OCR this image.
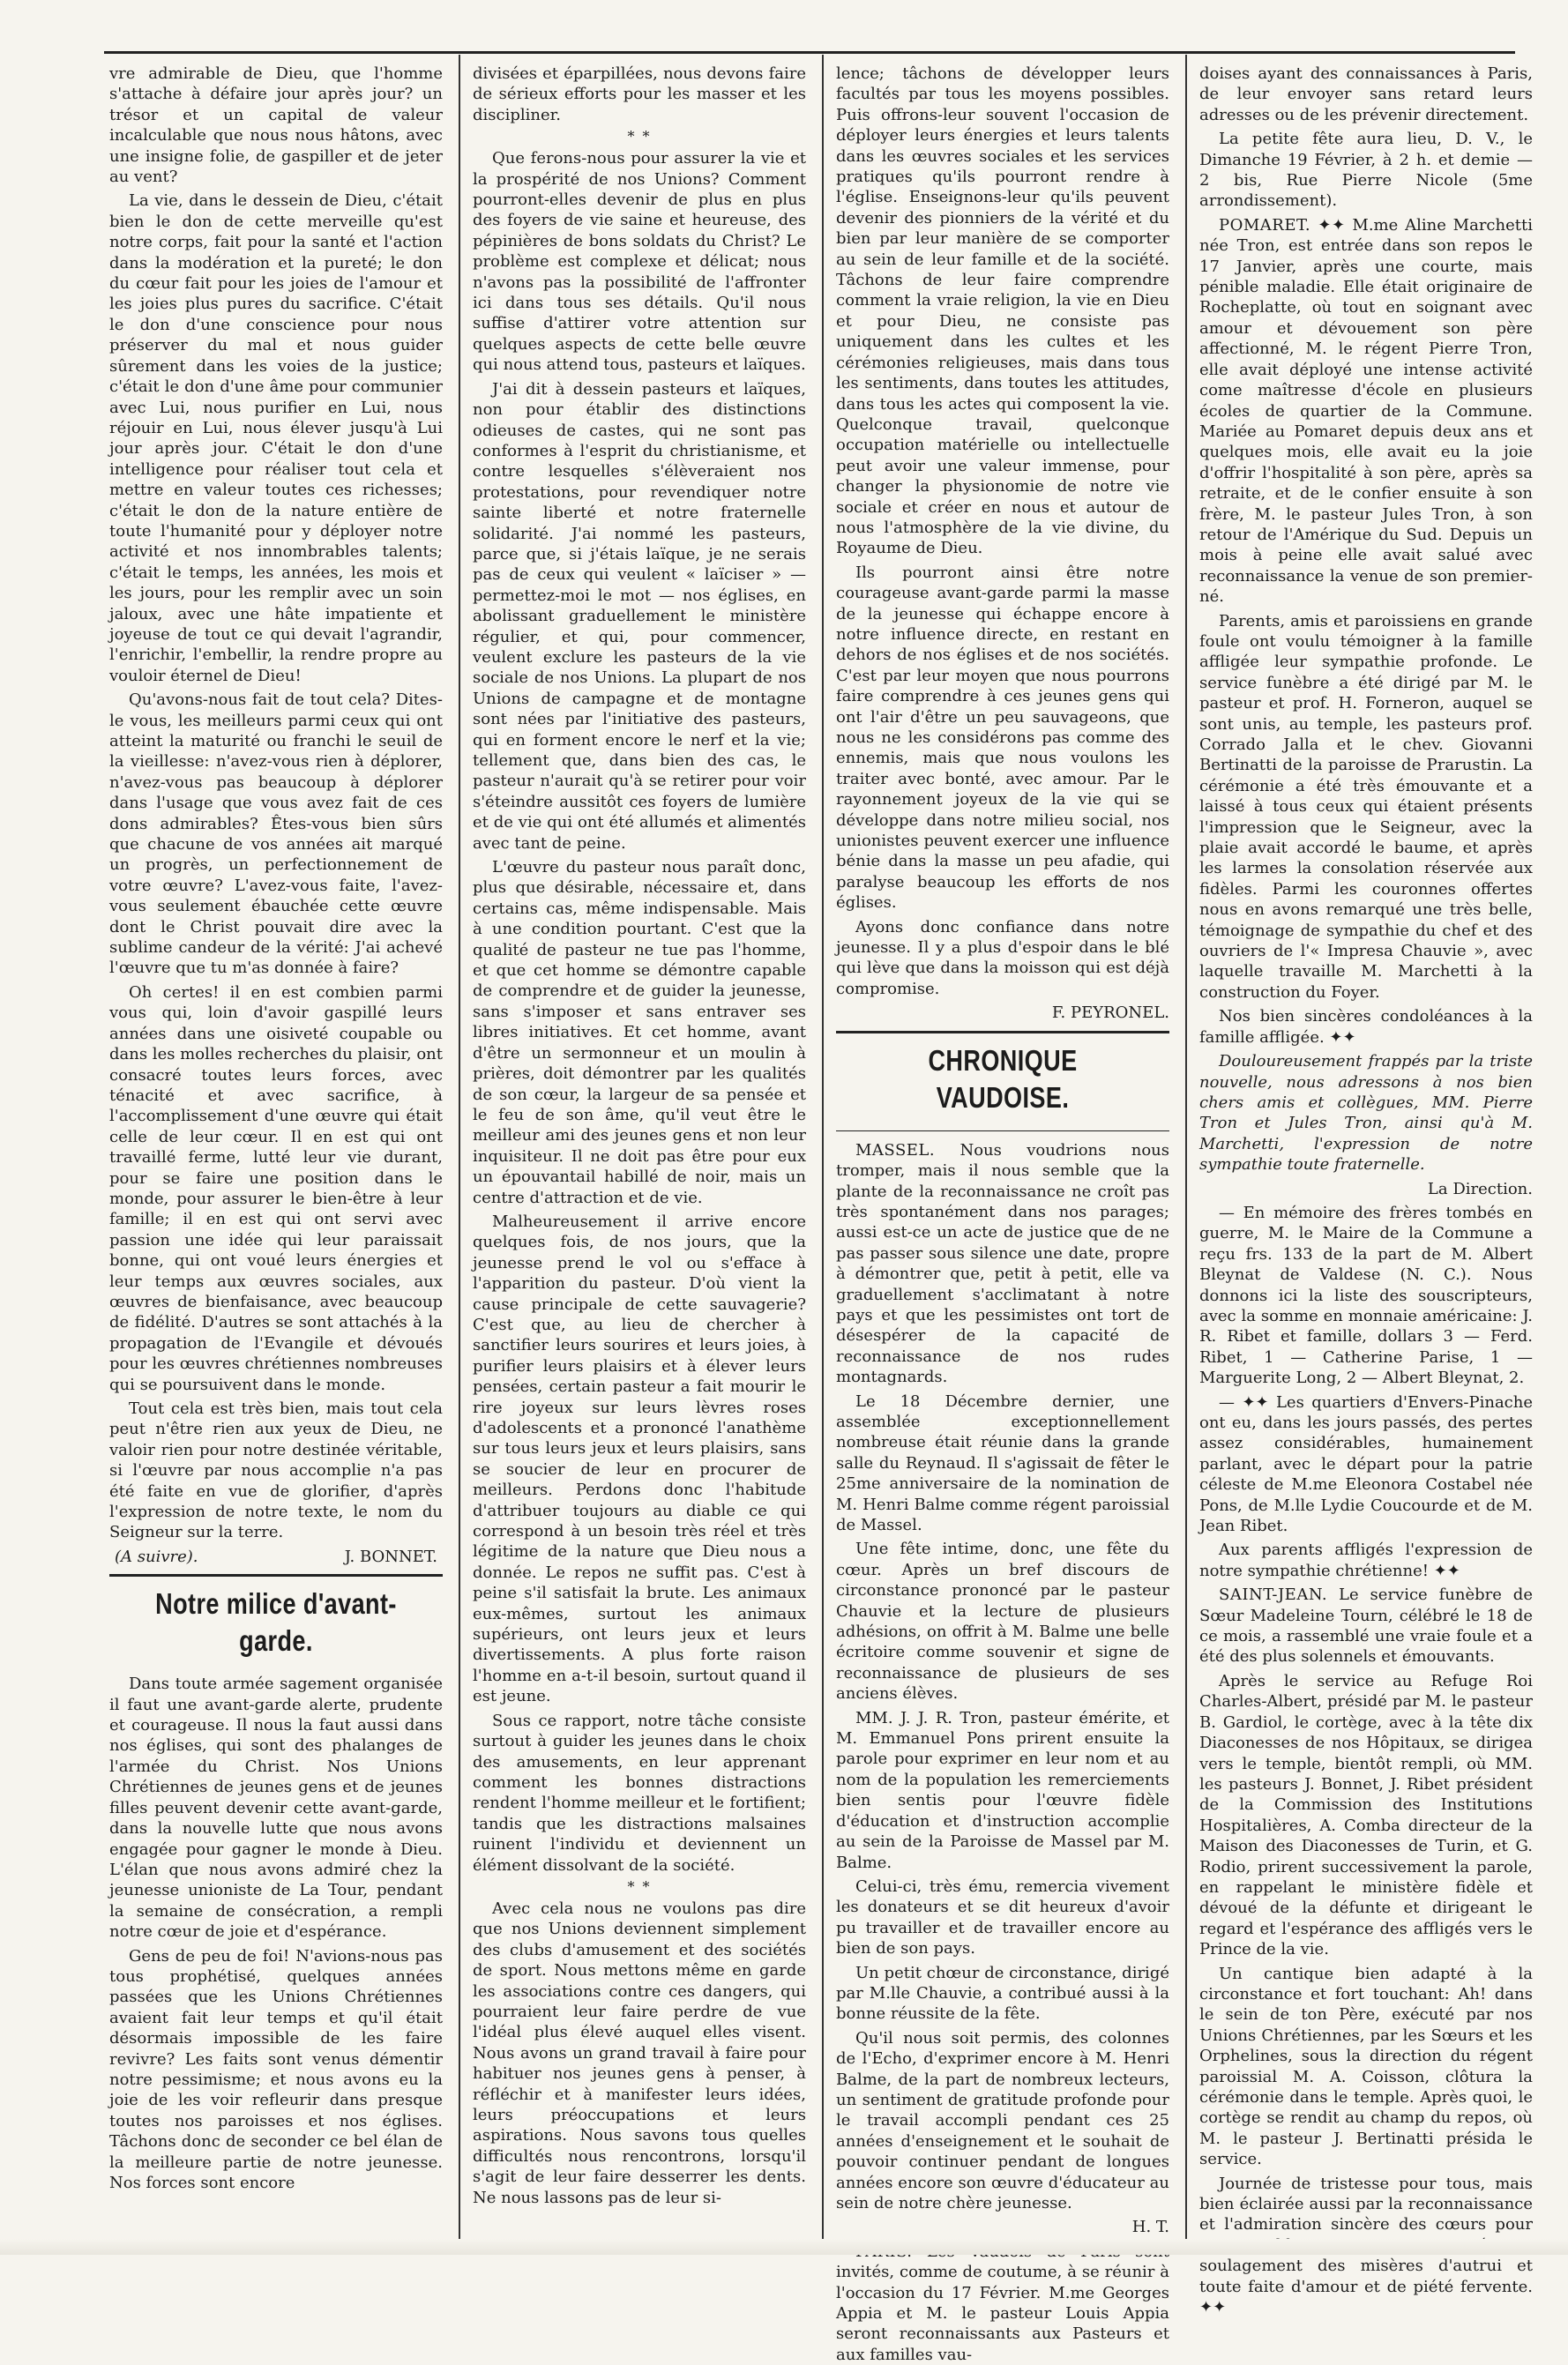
vre admirable de Dieu, que l'homme s'attache à défaire jour après jour? un trésor et un capital de valeur incalculable que nous nous hâtons, avec une insigne folie, de gaspiller et de jeter au vent?

La vie, dans le dessein de Dieu, c'était bien le don de cette merveille qu'est notre corps, fait pour la santé et l'action dans la modération et la pureté; le don du cœur fait pour les joies de l'amour et les joies plus pures du sacrifice. C'était le don d'une conscience pour nous préserver du mal et nous guider sûrement dans les voies de la justice; c'était le don d'une âme pour communier avec Lui, nous purifier en Lui, nous réjouir en Lui, nous élever jusqu'à Lui jour après jour. C'était le don d'une intelligence pour réaliser tout cela et mettre en valeur toutes ces richesses; c'était le don de la nature entière de toute l'humanité pour y déployer notre activité et nos innombrables talents; c'était le temps, les années, les mois et les jours, pour les remplir avec un soin jaloux, avec une hâte impatiente et joyeuse de tout ce qui devait l'agrandir, l'enrichir, l'embellir, la rendre propre au vouloir éternel de Dieu!

Qu'avons-nous fait de tout cela? Dites-le vous, les meilleurs parmi ceux qui ont atteint la maturité ou franchi le seuil de la vieillesse: n'avez-vous rien à déplorer, n'avez-vous pas beaucoup à déplorer dans l'usage que vous avez fait de ces dons admirables? Êtes-vous bien sûrs que chacune de vos années ait marqué un progrès, un perfectionnement de votre œuvre? L'avez-vous faite, l'avez-vous seulement ébauchée cette œuvre dont le Christ pouvait dire avec la sublime candeur de la vérité: J'ai achevé l'œuvre que tu m'as donnée à faire?

Oh certes! il en est combien parmi vous qui, loin d'avoir gaspillé leurs années dans une oisiveté coupable ou dans les molles recherches du plaisir, ont consacré toutes leurs forces, avec ténacité et avec sacrifice, à l'accomplissement d'une œuvre qui était celle de leur cœur. Il en est qui ont travaillé ferme, lutté leur vie durant, pour se faire une position dans le monde, pour assurer le bien-être à leur famille; il en est qui ont servi avec passion une idée qui leur paraissait bonne, qui ont voué leurs énergies et leur temps aux œuvres sociales, aux œuvres de bienfaisance, avec beaucoup de fidélité. D'autres se sont attachés à la propagation de l'Evangile et dévoués pour les œuvres chrétiennes nombreuses qui se poursuivent dans le monde.

Tout cela est très bien, mais tout cela peut n'être rien aux yeux de Dieu, ne valoir rien pour notre destinée véritable, si l'œuvre par nous accomplie n'a pas été faite en vue de glorifier, d'après l'expression de notre texte, le nom du Seigneur sur la terre.

(A suivre).	J. BONNET.
Notre milice d'avant-garde.

Dans toute armée sagement organisée il faut une avant-garde alerte, prudente et courageuse. Il nous la faut aussi dans nos églises, qui sont des phalanges de l'armée du Christ. Nos Unions Chrétiennes de jeunes gens et de jeunes filles peuvent devenir cette avant-garde, dans la nouvelle lutte que nous avons engagée pour gagner le monde à Dieu. L'élan que nous avons admiré chez la jeunesse unioniste de La Tour, pendant la semaine de consécration, a rempli notre cœur de joie et d'espérance.

Gens de peu de foi! N'avions-nous pas tous prophétisé, quelques années passées que les Unions Chrétiennes avaient fait leur temps et qu'il était désormais impossible de les faire revivre? Les faits sont venus démentir notre pessimisme; et nous avons eu la joie de les voir refleurir dans presque toutes nos paroisses et nos églises. Tâchons donc de seconder ce bel élan de la meilleure partie de notre jeunesse. Nos forces sont encore

divisées et éparpillées, nous devons faire de sérieux efforts pour les masser et les discipliner.

* *

Que ferons-nous pour assurer la vie et la prospérité de nos Unions? Comment pourront-elles devenir de plus en plus des foyers de vie saine et heureuse, des pépinières de bons soldats du Christ? Le problème est complexe et délicat; nous n'avons pas la possibilité de l'affronter ici dans tous ses détails. Qu'il nous suffise d'attirer votre attention sur quelques aspects de cette belle œuvre qui nous attend tous, pasteurs et laïques.

J'ai dit à dessein pasteurs et laïques, non pour établir des distinctions odieuses de castes, qui ne sont pas conformes à l'esprit du christianisme, et contre lesquelles s'élèveraient nos protestations, pour revendiquer notre sainte liberté et notre fraternelle solidarité. J'ai nommé les pasteurs, parce que, si j'étais laïque, je ne serais pas de ceux qui veulent « laïciser » — permettez-moi le mot — nos églises, en abolissant graduellement le ministère régulier, et qui, pour commencer, veulent exclure les pasteurs de la vie sociale de nos Unions. La plupart de nos Unions de campagne et de montagne sont nées par l'initiative des pasteurs, qui en forment encore le nerf et la vie; tellement que, dans bien des cas, le pasteur n'aurait qu'à se retirer pour voir s'éteindre aussitôt ces foyers de lumière et de vie qui ont été allumés et alimentés avec tant de peine.

L'œuvre du pasteur nous paraît donc, plus que désirable, nécessaire et, dans certains cas, même indispensable. Mais à une condition pourtant. C'est que la qualité de pasteur ne tue pas l'homme, et que cet homme se démontre capable de comprendre et de guider la jeunesse, sans s'imposer et sans entraver ses libres initiatives. Et cet homme, avant d'être un sermonneur et un moulin à prières, doit démontrer par les qualités de son cœur, la largeur de sa pensée et le feu de son âme, qu'il veut être le meilleur ami des jeunes gens et non leur inquisiteur. Il ne doit pas être pour eux un épouvantail habillé de noir, mais un centre d'attraction et de vie.

Malheureusement il arrive encore quelques fois, de nos jours, que la jeunesse prend le vol ou s'efface à l'apparition du pasteur. D'où vient la cause principale de cette sauvagerie? C'est que, au lieu de chercher à sanctifier leurs sourires et leurs joies, à purifier leurs plaisirs et à élever leurs pensées, certain pasteur a fait mourir le rire joyeux sur leurs lèvres roses d'adolescents et a prononcé l'anathème sur tous leurs jeux et leurs plaisirs, sans se soucier de leur en procurer de meilleurs. Perdons donc l'habitude d'attribuer toujours au diable ce qui correspond à un besoin très réel et très légitime de la nature que Dieu nous a donnée. Le repos ne suffit pas. C'est à peine s'il satisfait la brute. Les animaux eux-mêmes, surtout les animaux supérieurs, ont leurs jeux et leurs divertissements. A plus forte raison l'homme en a-t-il besoin, surtout quand il est jeune.

Sous ce rapport, notre tâche consiste surtout à guider les jeunes dans le choix des amusements, en leur apprenant comment les bonnes distractions rendent l'homme meilleur et le fortifient; tandis que les distractions malsaines ruinent l'individu et deviennent un élément dissolvant de la société.

* *

Avec cela nous ne voulons pas dire que nos Unions deviennent simplement des clubs d'amusement et des sociétés de sport. Nous mettons même en garde les associations contre ces dangers, qui pourraient leur faire perdre de vue l'idéal plus élevé auquel elles visent. Nous avons un grand travail à faire pour habituer nos jeunes gens à penser, à réfléchir et à manifester leurs idées, leurs préoccupations et leurs aspirations. Nous savons tous quelles difficultés nous rencontrons, lorsqu'il s'agit de leur faire desserrer les dents. Ne nous lassons pas de leur si-

lence; tâchons de développer leurs facultés par tous les moyens possibles. Puis offrons-leur souvent l'occasion de déployer leurs énergies et leurs talents dans les œuvres sociales et les services pratiques qu'ils pourront rendre à l'église. Enseignons-leur qu'ils peuvent devenir des pionniers de la vérité et du bien par leur manière de se comporter au sein de leur famille et de la société. Tâchons de leur faire comprendre comment la vraie religion, la vie en Dieu et pour Dieu, ne consiste pas uniquement dans les cultes et les cérémonies religieuses, mais dans tous les sentiments, dans toutes les attitudes, dans tous les actes qui composent la vie. Quelconque travail, quelconque occupation matérielle ou intellectuelle peut avoir une valeur immense, pour changer la physionomie de notre vie sociale et créer en nous et autour de nous l'atmosphère de la vie divine, du Royaume de Dieu.

Ils pourront ainsi être notre courageuse avant-garde parmi la masse de la jeunesse qui échappe encore à notre influence directe, en restant en dehors de nos églises et de nos sociétés. C'est par leur moyen que nous pourrons faire comprendre à ces jeunes gens qui ont l'air d'être un peu sauvageons, que nous ne les considérons pas comme des ennemis, mais que nous voulons les traiter avec bonté, avec amour. Par le rayonnement joyeux de la vie qui se développe dans notre milieu social, nos unionistes peuvent exercer une influence bénie dans la masse un peu afadie, qui paralyse beaucoup les efforts de nos églises.

Ayons donc confiance dans notre jeunesse. Il y a plus d'espoir dans le blé qui lève que dans la moisson qui est déjà compromise.

F. PEYRONEL.

CHRONIQUE VAUDOISE.

MASSEL. Nous voudrions nous tromper, mais il nous semble que la plante de la reconnaissance ne croît pas très spontanément dans nos parages; aussi est-ce un acte de justice que de ne pas passer sous silence une date, propre à démontrer que, petit à petit, elle va graduellement s'acclimatant à notre pays et que les pessimistes ont tort de désespérer de la capacité de reconnaissance de nos rudes montagnards.

Le 18 Décembre dernier, une assemblée exceptionnellement nombreuse était réunie dans la grande salle du Reynaud. Il s'agissait de fêter le 25me anniversaire de la nomination de M. Henri Balme comme régent paroissial de Massel.

Une fête intime, donc, une fête du cœur. Après un bref discours de circonstance prononcé par le pasteur Chauvie et la lecture de plusieurs adhésions, on offrit à M. Balme une belle écritoire comme souvenir et signe de reconnaissance de plusieurs de ses anciens élèves.

MM. J. J. R. Tron, pasteur émérite, et M. Emmanuel Pons prirent ensuite la parole pour exprimer en leur nom et au nom de la population les remerciements bien sentis pour l'œuvre fidèle d'éducation et d'instruction accomplie au sein de la Paroisse de Massel par M. Balme.

Celui-ci, très ému, remercia vivement les donateurs et se dit heureux d'avoir pu travailler et de travailler encore au bien de son pays.

Un petit chœur de circonstance, dirigé par M.lle Chauvie, a contribué aussi à la bonne réussite de la fête.

Qu'il nous soit permis, des colonnes de l'Echo, d'exprimer encore à M. Henri Balme, de la part de nombreux lecteurs, un sentiment de gratitude profonde pour le travail accompli pendant ces 25 années d'enseignement et le souhait de pouvoir continuer pendant de longues années encore son œuvre d'éducateur au sein de notre chère jeunesse.

H. T.

invités, comme de coutume, à se réunir à l'occasion du 17 Février. M.me Georges Appia et M. le pasteur Louis Appia seront reconnaissants aux Pasteurs et aux familles vau-

doises ayant des connaissances à Paris, de leur envoyer sans retard leurs adresses ou de les prévenir directement.

La petite fête aura lieu, D. V., le Dimanche 19 Février, à 2 h. et demie — 2 bis, Rue Pierre Nicole (5me arrondissement).

POMARET. ✦✦ M.me Aline Marchetti née Tron, est entrée dans son repos le 17 Janvier, après une courte, mais pénible maladie. Elle était originaire de Rocheplatte, où tout en soignant avec amour et dévouement son père affectionné, M. le régent Pierre Tron, elle avait déployé une intense activité come maîtresse d'école en plusieurs écoles de quartier de la Commune. Mariée au Pomaret depuis deux ans et quelques mois, elle avait eu la joie d'offrir l'hospitalité à son père, après sa retraite, et de le confier ensuite à son frère, M. le pasteur Jules Tron, à son retour de l'Amérique du Sud. Depuis un mois à peine elle avait salué avec reconnaissance la venue de son premier-né.

Parents, amis et paroissiens en grande foule ont voulu témoigner à la famille affligée leur sympathie profonde. Le service funèbre a été dirigé par M. le pasteur et prof. H. Forneron, auquel se sont unis, au temple, les pasteurs prof. Corrado Jalla et le chev. Giovanni Bertinatti de la paroisse de Prarustin. La cérémonie a été très émouvante et a laissé à tous ceux qui étaient présents l'impression que le Seigneur, avec la plaie avait accordé le baume, et après les larmes la consolation réservée aux fidèles. Parmi les couronnes offertes nous en avons remarqué une très belle, témoignage de sympathie du chef et des ouvriers de l'« Impresa Chauvie », avec laquelle travaille M. Marchetti à la construction du Foyer.

Nos bien sincères condoléances à la famille affligée. ✦✦

Douloureusement frappés par la triste nouvelle, nous adressons à nos bien chers amis et collègues, MM. Pierre Tron et Jules Tron, ainsi qu'à M. Marchetti, l'expression de notre sympathie toute fraternelle.

La Direction.

— En mémoire des frères tombés en guerre, M. le Maire de la Commune a reçu frs. 133 de la part de M. Albert Bleynat de Valdese (N. C.). Nous donnons ici la liste des souscripteurs, avec la somme en monnaie américaine: J. R. Ribet et famille, dollars 3 — Ferd. Ribet, 1 — Catherine Parise, 1 — Marguerite Long, 2 — Albert Bleynat, 2.

— ✦✦ Les quartiers d'Envers-Pinache ont eu, dans les jours passés, des pertes assez considérables, humainement parlant, avec le départ pour la patrie céleste de M.me Eleonora Costabel née Pons, de M.lle Lydie Coucourde et de M. Jean Ribet.

Aux parents affligés l'expression de notre sympathie chrétienne! ✦✦

SAINT-JEAN. Le service funèbre de Sœur Madeleine Tourn, célébré le 18 de ce mois, a rassemblé une vraie foule et a été des plus solennels et émouvants.

Après le service au Refuge Roi Charles-Albert, présidé par M. le pasteur B. Gardiol, le cortège, avec à la tête dix Diaconesses de nos Hôpitaux, se dirigea vers le temple, bientôt rempli, où MM. les pasteurs J. Bonnet, J. Ribet président de la Commission des Institutions Hospitalières, A. Comba directeur de la Maison des Diaconesses de Turin, et G. Rodio, prirent successivement la parole, en rappelant le ministère fidèle et dévoué de la défunte et dirigeant le regard et l'espérance des affligés vers le Prince de la vie.

Un cantique bien adapté à la circonstance et fort touchant: Ah! dans le sein de ton Père, exécuté par nos Unions Chrétiennes, par les Sœurs et les Orphelines, sous la direction du régent paroissial M. A. Coisson, clôtura la cérémonie dans le temple. Après quoi, le cortège se rendit au champ du repos, où M. le pasteur J. Bertinatti présida le service.

Journée de tristesse pour tous, mais bien éclairée aussi par la reconnaissance et l'admiration sincère des cœurs pour soulagement des misères d'autrui et toute faite d'amour et de piété fervente. ✦✦
